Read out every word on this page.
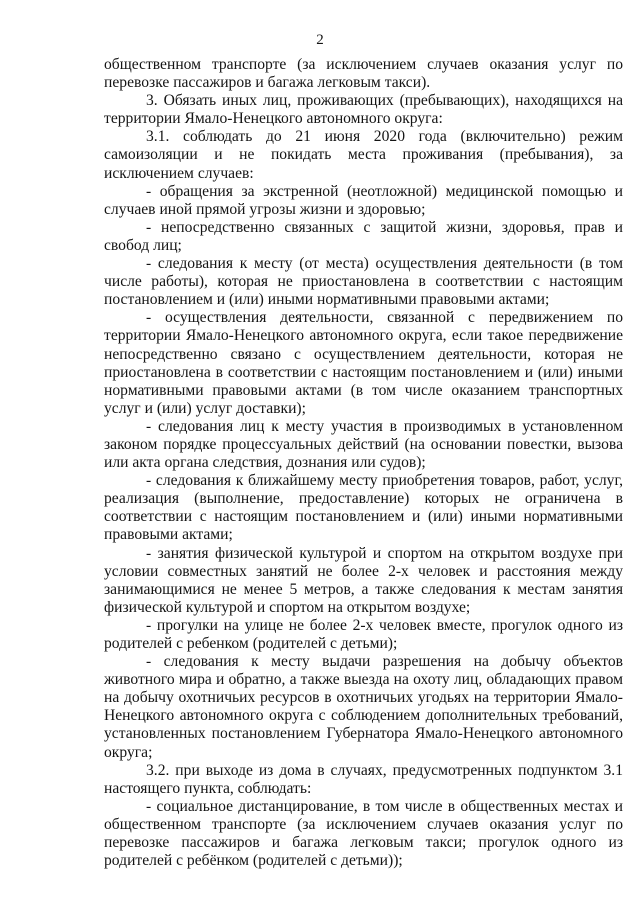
2

общественном транспорте (за исключением случаев оказания услуг по перевозке пассажиров и багажа легковым такси).

3. Обязать иных лиц, проживающих (пребывающих), находящихся на территории Ямало-Ненецкого автономного округа:

3.1. соблюдать до 21 июня 2020 года (включительно) режим самоизоляции и не покидать места проживания (пребывания), за исключением случаев:

- обращения за экстренной (неотложной) медицинской помощью и случаев иной прямой угрозы жизни и здоровью;

- непосредственно связанных с защитой жизни, здоровья, прав и свобод лиц;

- следования к месту (от места) осуществления деятельности (в том числе работы), которая не приостановлена в соответствии с настоящим постановлением и (или) иными нормативными правовыми актами;

- осуществления деятельности, связанной с передвижением по территории Ямало-Ненецкого автономного округа, если такое передвижение непосредственно связано с осуществлением деятельности, которая не приостановлена в соответствии с настоящим постановлением и (или) иными нормативными правовыми актами (в том числе оказанием транспортных услуг и (или) услуг доставки);

- следования лиц к месту участия в производимых в установленном законом порядке процессуальных действий (на основании повестки, вызова или акта органа следствия, дознания или судов);

- следования к ближайшему месту приобретения товаров, работ, услуг, реализация (выполнение, предоставление) которых не ограничена в соответствии с настоящим постановлением и (или) иными нормативными правовыми актами;

- занятия физической культурой и спортом на открытом воздухе при условии совместных занятий не более 2-х человек и расстояния между занимающимися не менее 5 метров, а также следования к местам занятия физической культурой и спортом на открытом воздухе;

- прогулки на улице не более 2-х человек вместе, прогулок одного из родителей с ребенком (родителей с детьми);

- следования к месту выдачи разрешения на добычу объектов животного мира и обратно, а также выезда на охоту лиц, обладающих правом на добычу охотничьих ресурсов в охотничьих угодьях на территории Ямало-Ненецкого автономного округа с соблюдением дополнительных требований, установленных постановлением Губернатора Ямало-Ненецкого автономного округа;

3.2. при выходе из дома в случаях, предусмотренных подпунктом 3.1 настоящего пункта, соблюдать:

- социальное дистанцирование, в том числе в общественных местах и общественном транспорте (за исключением случаев оказания услуг по перевозке пассажиров и багажа легковым такси; прогулок одного из родителей с ребёнком (родителей с детьми));
